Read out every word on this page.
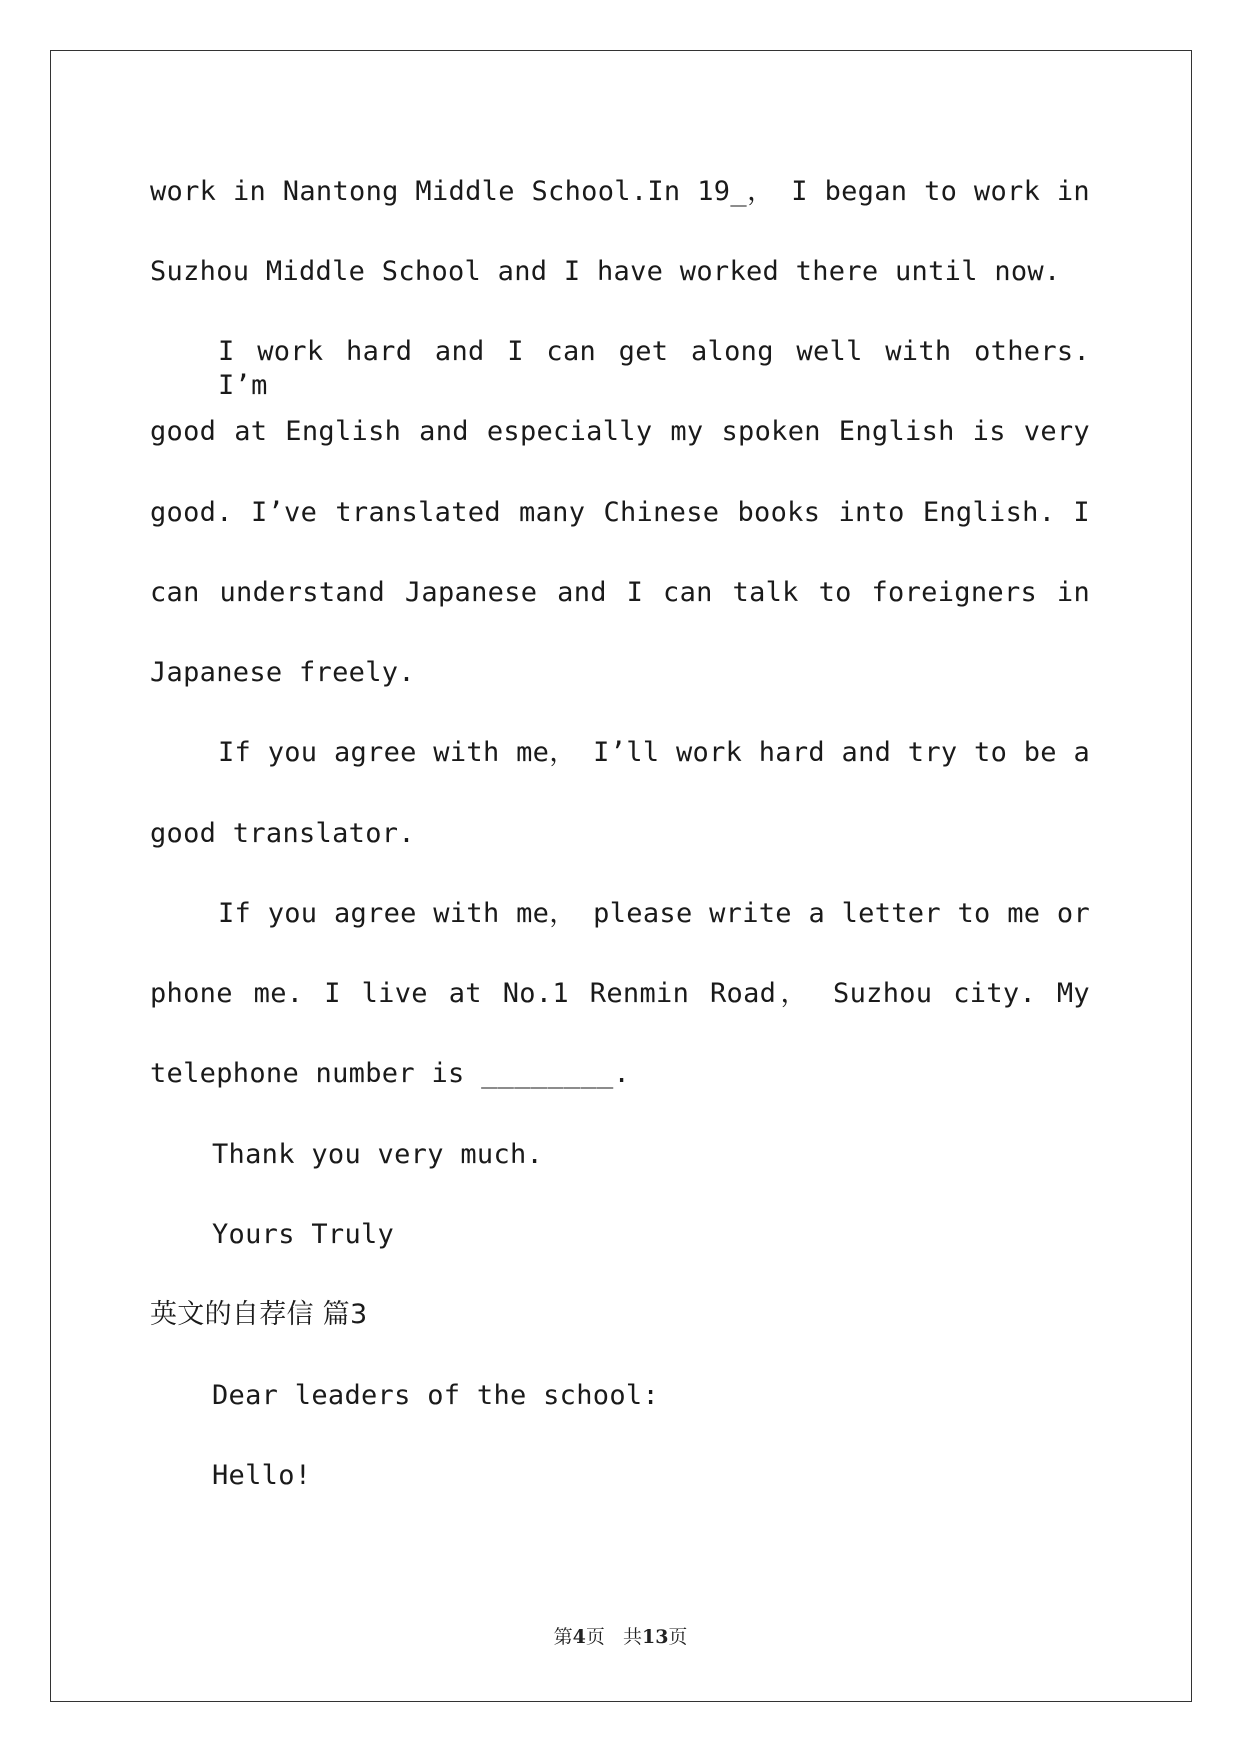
work in Nantong Middle School.In 19_， I began to work in
Suzhou Middle School and I have worked there until now.
I work hard and I can get along well with others. I’m
good at English and especially my spoken English is very
good. I’ve translated many Chinese books into English. I
can understand Japanese and I can talk to foreigners in
Japanese freely.
If you agree with me， I’ll work hard and try to be a
good translator.
If you agree with me， please write a letter to me or
phone me. I live at No.1 Renmin Road， Suzhou city. My
telephone number is ________.
Thank you very much.
Yours Truly
英文的自荐信 篇3
Dear leaders of the school:
Hello!
第4页 共13页
